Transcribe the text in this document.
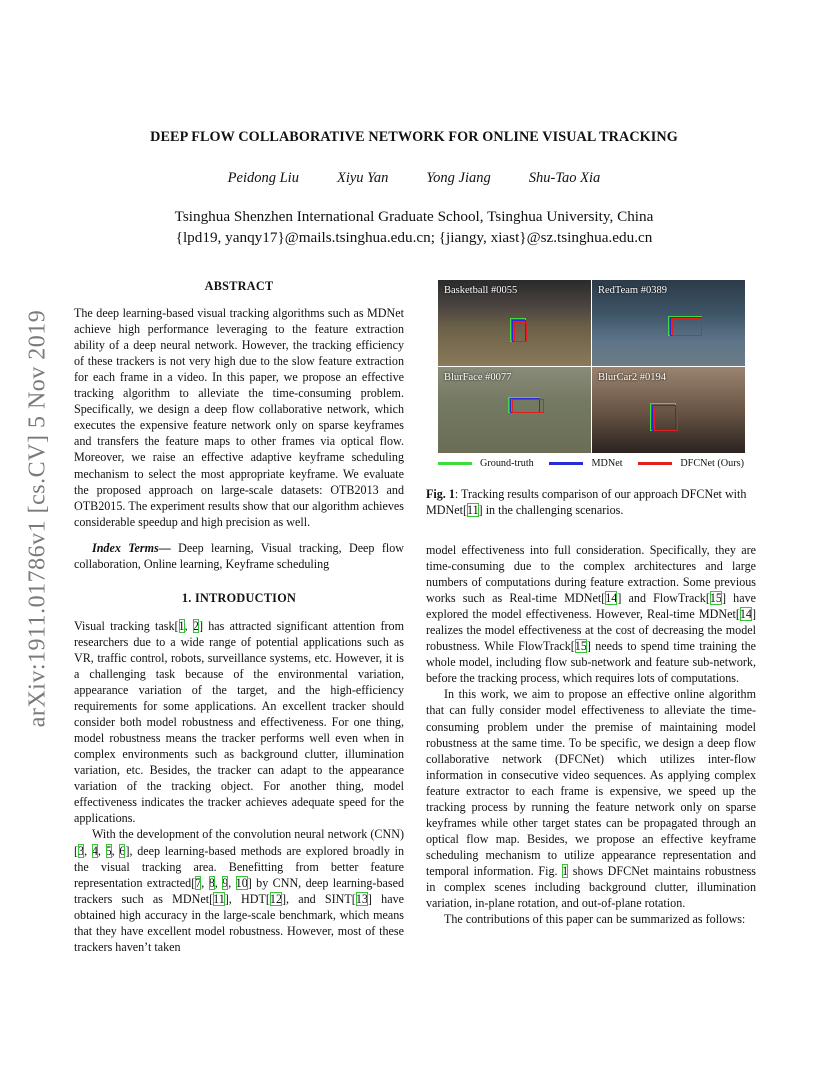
arXiv:1911.01786v1 [cs.CV] 5 Nov 2019
DEEP FLOW COLLABORATIVE NETWORK FOR ONLINE VISUAL TRACKING
Peidong Liu	Xiyu Yan	Yong Jiang	Shu-Tao Xia
Tsinghua Shenzhen International Graduate School, Tsinghua University, China
{lpd19, yanqy17}@mails.tsinghua.edu.cn; {jiangy, xiast}@sz.tsinghua.edu.cn
ABSTRACT

The deep learning-based visual tracking algorithms such as MDNet achieve high performance leveraging to the feature extraction ability of a deep neural network. However, the tracking efficiency of these trackers is not very high due to the slow feature extraction for each frame in a video. In this paper, we propose an effective tracking algorithm to alleviate the time-consuming problem. Specifically, we design a deep flow collaborative network, which executes the expensive feature network only on sparse keyframes and transfers the feature maps to other frames via optical flow. Moreover, we raise an effective adaptive keyframe scheduling mechanism to select the most appropriate keyframe. We evaluate the proposed approach on large-scale datasets: OTB2013 and OTB2015. The experiment results show that our algorithm achieves considerable speedup and high precision as well.

Index Terms— Deep learning, Visual tracking, Deep flow collaboration, Online learning, Keyframe scheduling

1. INTRODUCTION

Visual tracking task[1, 2] has attracted significant attention from researchers due to a wide range of potential applications such as VR, traffic control, robots, surveillance systems, etc. However, it is a challenging task because of the environmental variation, appearance variation of the target, and the high-efficiency requirements for some applications. An excellent tracker should consider both model robustness and effectiveness. For one thing, model robustness means the tracker performs well even when in complex environments such as background clutter, illumination variation, etc. Besides, the tracker can adapt to the appearance variation of the tracking object. For another thing, model effectiveness indicates the tracker achieves adequate speed for the applications.

With the development of the convolution neural network (CNN) [3, 4, 5, 6], deep learning-based methods are explored broadly in the visual tracking area. Benefitting from better feature representation extracted[7, 8, 9, 10] by CNN, deep learning-based trackers such as MDNet[11], HDT[12], and SINT[13] have obtained high accuracy in the large-scale benchmark, which means that they have excellent model robustness. However, most of these trackers haven’t taken

Basketball #0055	RedTeam #0389
BlurFace #0077	BlurCar2 #0194
Ground-truth	MDNet	DFCNet (Ours)
Fig. 1: Tracking results comparison of our approach DFCNet with MDNet[11] in the challenging scenarios.

model effectiveness into full consideration. Specifically, they are time-consuming due to the complex architectures and large numbers of computations during feature extraction. Some previous works such as Real-time MDNet[14] and FlowTrack[15] have explored the model effectiveness. However, Real-time MDNet[14] realizes the model effectiveness at the cost of decreasing the model robustness. While FlowTrack[15] needs to spend time training the whole model, including flow sub-network and feature sub-network, before the tracking process, which requires lots of computations.

In this work, we aim to propose an effective online algorithm that can fully consider model effectiveness to alleviate the time-consuming problem under the premise of maintaining model robustness at the same time. To be specific, we design a deep flow collaborative network (DFCNet) which utilizes inter-flow information in consecutive video sequences. As applying complex feature extractor to each frame is expensive, we speed up the tracking process by running the feature network only on sparse keyframes while other target states can be propagated through an optical flow map. Besides, we propose an effective keyframe scheduling mechanism to utilize appearance representation and temporal information. Fig. 1 shows DFCNet maintains robustness in complex scenes including background clutter, illumination variation, in-plane rotation, and out-of-plane rotation.

The contributions of this paper can be summarized as follows:
